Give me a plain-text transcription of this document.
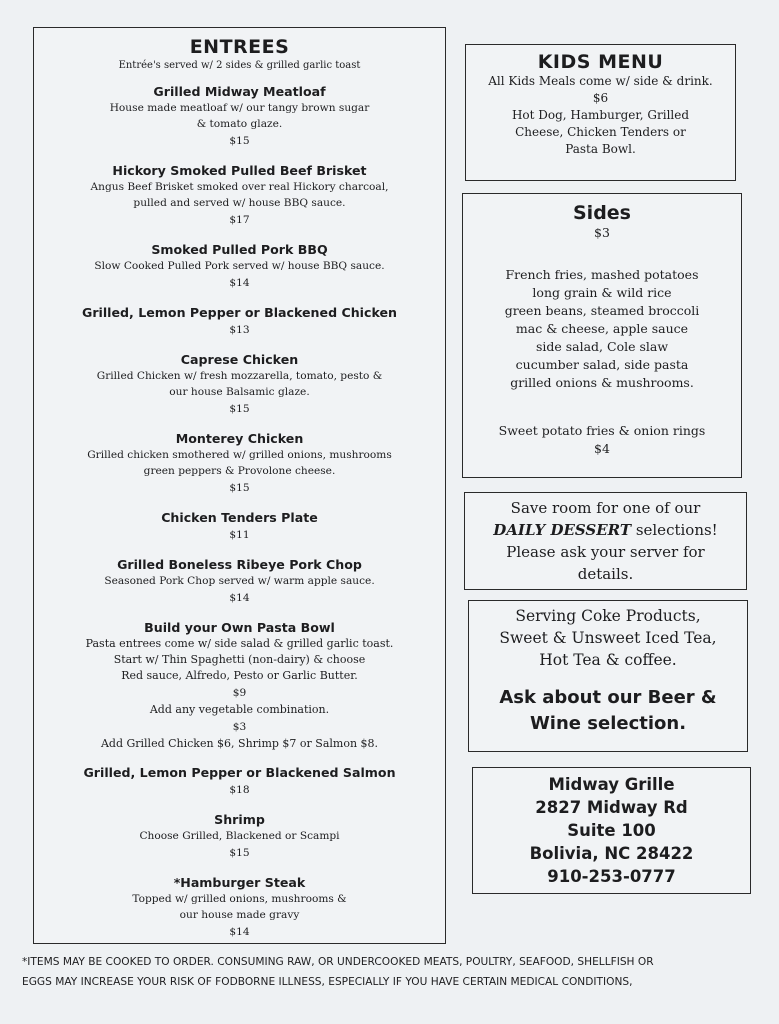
ENTREES
Entrée's served w/ 2 sides & grilled garlic toast
Grilled Midway Meatloaf
House made meatloaf w/ our tangy brown sugar
& tomato glaze.
$15
Hickory Smoked Pulled Beef Brisket
Angus Beef Brisket smoked over real Hickory charcoal,
pulled and served w/ house BBQ sauce.
$17
Smoked Pulled Pork BBQ
Slow Cooked Pulled Pork served w/ house BBQ sauce.
$14
Grilled, Lemon Pepper or Blackened Chicken
$13
Caprese Chicken
Grilled Chicken w/ fresh mozzarella, tomato, pesto &
our house Balsamic glaze.
$15
Monterey Chicken
Grilled chicken smothered w/ grilled onions, mushrooms
green peppers & Provolone cheese.
$15
Chicken Tenders Plate
$11
Grilled Boneless Ribeye Pork Chop
Seasoned Pork Chop served w/ warm apple sauce.
$14
Build your Own Pasta Bowl
Pasta entrees come w/ side salad & grilled garlic toast.
Start w/ Thin Spaghetti (non-dairy) & choose
Red sauce, Alfredo, Pesto or Garlic Butter.
$9
Add any vegetable combination.
$3
Add Grilled Chicken $6, Shrimp $7 or Salmon $8.
Grilled, Lemon Pepper or Blackened Salmon
$18
Shrimp
Choose Grilled, Blackened or Scampi
$15
*Hamburger Steak
Topped w/ grilled onions, mushrooms &
our house made gravy
$14
KIDS MENU

All Kids Meals come w/ side & drink.

$6

Hot Dog, Hamburger, Grilled

Cheese, Chicken Tenders or

Pasta Bowl.

Sides

$3

French fries, mashed potatoes

long grain & wild rice

green beans, steamed broccoli

mac & cheese, apple sauce

side salad, Cole slaw

cucumber salad, side pasta

grilled onions & mushrooms.

Sweet potato fries & onion rings

$4

Save room for one of our

DAILY DESSERT selections!

Please ask your server for

details.

Serving Coke Products,

Sweet & Unsweet Iced Tea,

Hot Tea & coffee.

Ask about our Beer &

Wine selection.

Midway Grille

2827 Midway Rd

Suite 100

Bolivia, NC 28422

910-253-0777

*ITEMS MAY BE COOKED TO ORDER. CONSUMING RAW, OR UNDERCOOKED MEATS, POULTRY, SEAFOOD, SHELLFISH OR
EGGS MAY INCREASE YOUR RISK OF FODBORNE ILLNESS, ESPECIALLY IF YOU HAVE CERTAIN MEDICAL CONDITIONS,
